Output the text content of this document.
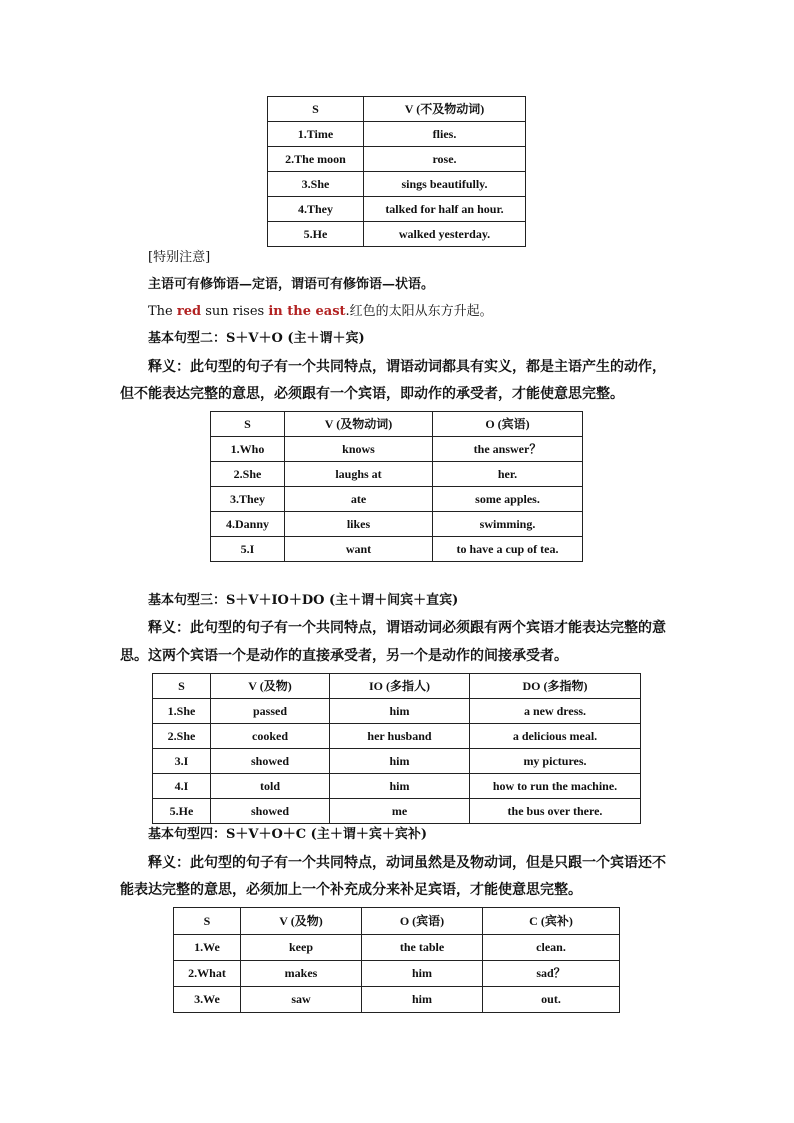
S	V (不及物动词)
1.Time	flies.
2.The moon	rose.
3.She	sings beautifully.
4.They	talked for half an hour.
5.He	walked yesterday.
[特别注意]
主语可有修饰语—定语，谓语可有修饰语—状语。
The red sun rises in the east.红色的太阳从东方升起。
基本句型二：S＋V＋O (主＋谓＋宾)
释义：此句型的句子有一个共同特点，谓语动词都具有实义，都是主语产生的动作，
但不能表达完整的意思，必须跟有一个宾语，即动作的承受者，才能使意思完整。
S	V (及物动词)	O (宾语)
1.Who	knows	the answer？
2.She	laughs at	her.
3.They	ate	some apples.
4.Danny	likes	swimming.
5.I	want	to have a cup of tea.
基本句型三：S＋V＋IO＋DO (主＋谓＋间宾＋直宾)
释义：此句型的句子有一个共同特点，谓语动词必须跟有两个宾语才能表达完整的意
思。这两个宾语一个是动作的直接承受者，另一个是动作的间接承受者。
S	V (及物)	IO (多指人)	DO (多指物)
1.She	passed	him	a new dress.
2.She	cooked	her husband	a delicious meal.
3.I	showed	him	my pictures.
4.I	told	him	how to run the machine.
5.He	showed	me	the bus over there.
基本句型四：S＋V＋O＋C (主＋谓＋宾＋宾补)
释义：此句型的句子有一个共同特点，动词虽然是及物动词，但是只跟一个宾语还不
能表达完整的意思，必须加上一个补充成分来补足宾语，才能使意思完整。
S	V (及物)	O (宾语)	C (宾补)
1.We	keep	the table	clean.
2.What	makes	him	sad？
3.We	saw	him	out.
